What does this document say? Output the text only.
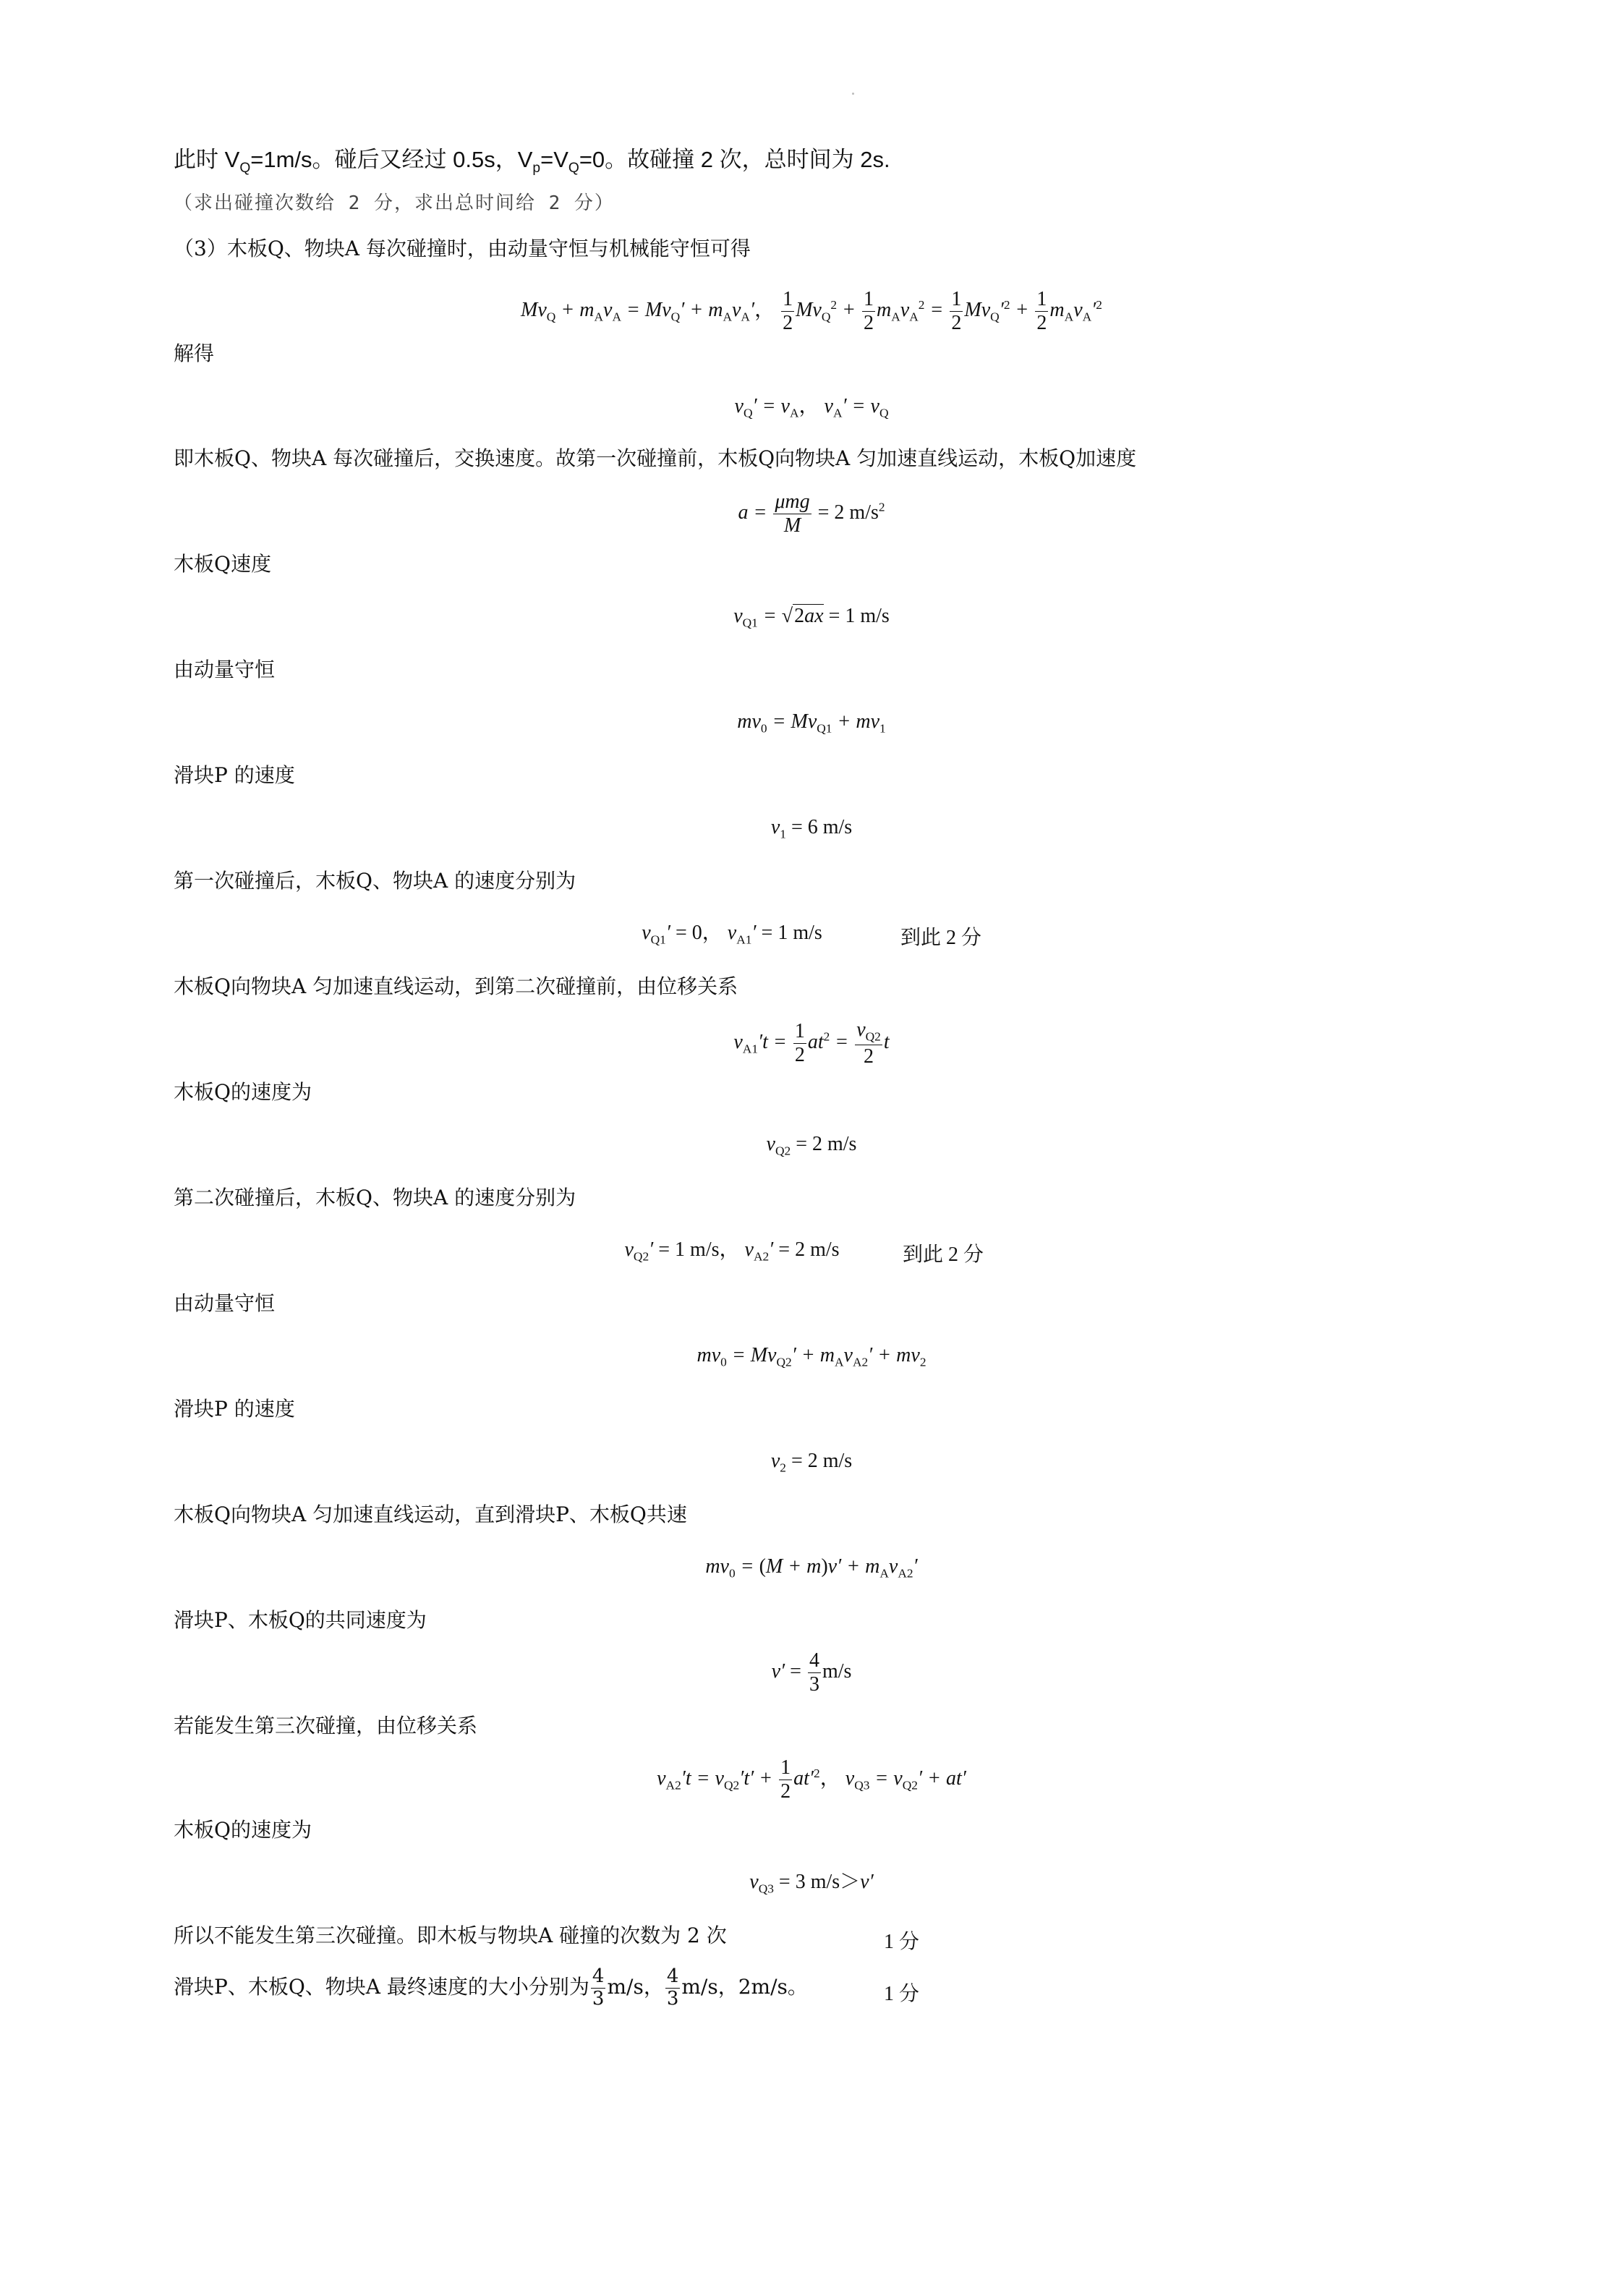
此时 $V_Q=1m/s$。碰后又经过 0.5s，$V_p=V_Q=0$。故碰撞 2 次，总时间为 2s.
（求出碰撞次数给 2 分，求出总时间给 2 分）
（3）木板Q、物块A 每次碰撞时，由动量守恒与机械能守恒可得
$Mv_Q + m_Av_A = Mv_Q' + m_Av_A'$， $\frac{1}{2} Mv_Q^2 + \frac{1}{2} m_Av_A^2 = \frac{1}{2} Mv_Q'^2 + \frac{1}{2} m_Av_A'^2$
解得
$v_Q' = v_A$， $v_A' = v_Q$
即木板Q、物块A 每次碰撞后，交换速度。故第一次碰撞前，木板Q向物块A 匀加速直线运动，木板Q加速度
$a = \frac{\text{μmg}}{M} = 2$ $m/s^2$
木板Q速度
$v_{Q1} = √2ax = 1$ m/s
由动量守恒
$mv_0 = Mv_{Q1} + mv_1$
滑块P 的速度
$v_1 = 6$ m/s
第一次碰撞后，木板Q、物块A 的速度分别为
$v_{Q1}' = 0$， $v_{A1}' = 1$ m/s	到此 2 分
木板Q向物块A 匀加速直线运动，到第二次碰撞前，由位移关系
$v_{A1}'t = \frac{1}{2} at^2 = \frac{v_{Q2}}{2}$ t
木板Q的速度为
$v_{Q2} = 2$ m/s
第二次碰撞后，木板Q、物块A 的速度分别为
$v_{Q2}' = 1$ m/s， $v_{A2}' = 2$ m/s	到此 2 分
由动量守恒
$mv_0 = Mv_{Q2}' + m_Av_{A2}' + mv_2$
滑块P 的速度
$v_2 = 2$ m/s
木板Q向物块A 匀加速直线运动，直到滑块P、木板Q共速
$mv_0 = (M + m)v' + m_Av_{A2}'$
滑块P、木板Q的共同速度为
$v' = \frac{4}{3} m/s$
若能发生第三次碰撞，由位移关系
$v_{A2}'t = v_{Q2}'t' + \frac{1}{2} at'^2$， $v_{Q3} = v_{Q2}' + at'$
木板Q的速度为
$v_{Q3} = 3$ m/s＞v′
所以不能发生第三次碰撞。即木板与物块A 碰撞的次数为 2 次	1 分
滑块P、木板Q、物块A 最终速度的大小分别为 $\frac{4}{3} m/s$， $\frac{4}{3} m/s$，2m/s。	1 分
